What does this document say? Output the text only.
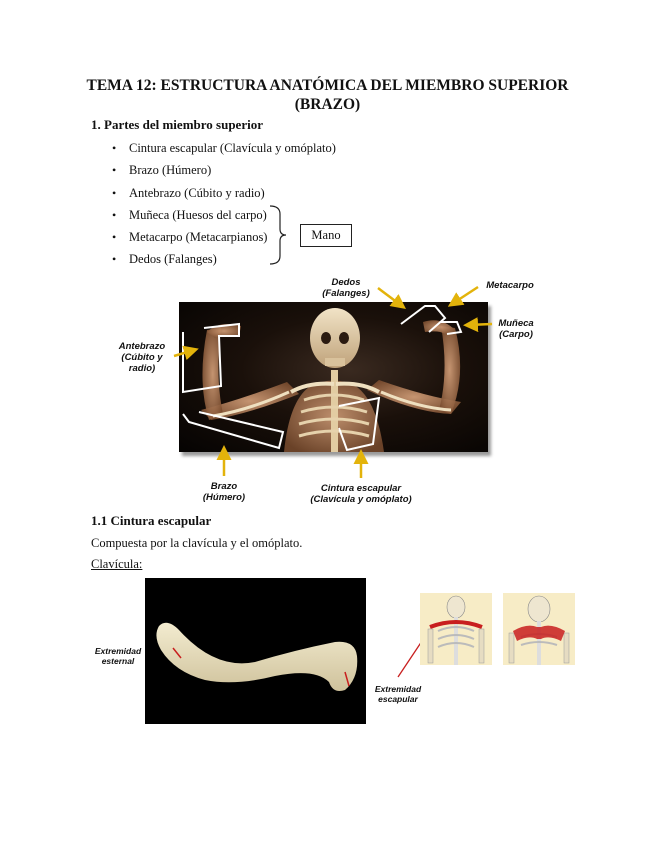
TEMA 12: ESTRUCTURA ANATÓMICA DEL MIEMBRO SUPERIOR (BRAZO)
1. Partes del miembro superior
• Cintura escapular (Clavícula y omóplato)
• Brazo (Húmero)
• Antebrazo (Cúbito y radio)
• Muñeca (Huesos del carpo)
• Metacarpo (Metacarpianos)
• Dedos (Falanges)
Mano
Dedos
(Falanges)
Metacarpo
Muñeca
(Carpo)
Antebrazo
(Cúbito y
radio)
Brazo
(Húmero)
Cintura escapular
(Clavícula y omóplato)
1.1 Cintura escapular
Compuesta por la clavícula y el omóplato.
Clavícula:
Extremidad
esternal
Extremidad
escapular
